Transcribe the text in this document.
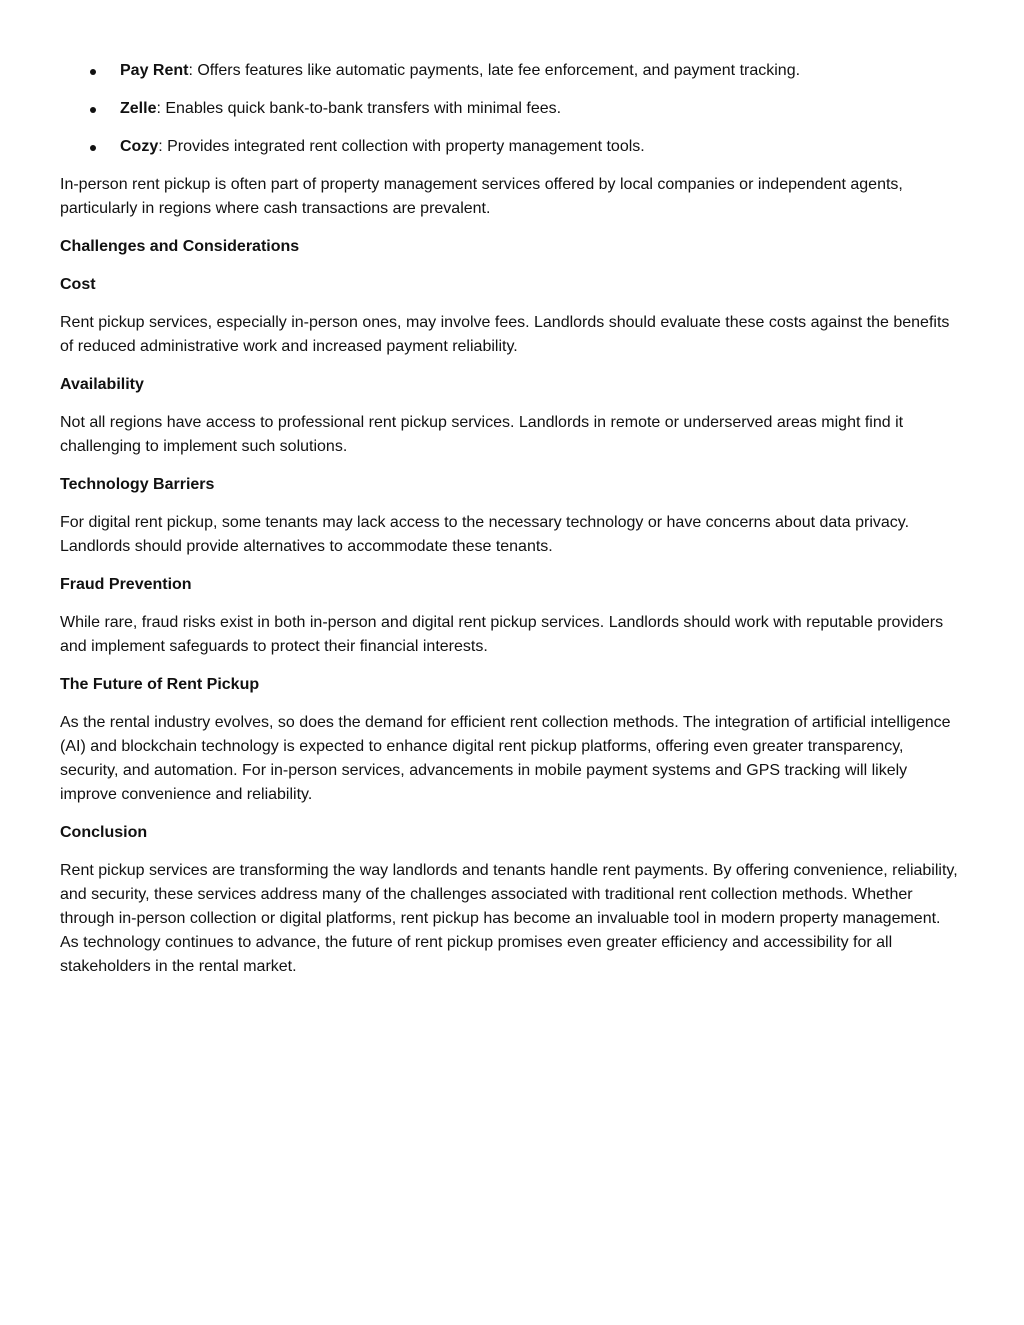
Pay Rent: Offers features like automatic payments, late fee enforcement, and payment tracking.
Zelle: Enables quick bank-to-bank transfers with minimal fees.
Cozy: Provides integrated rent collection with property management tools.

In-person rent pickup is often part of property management services offered by local companies or independent agents, particularly in regions where cash transactions are prevalent.

Challenges and Considerations
Cost

Rent pickup services, especially in-person ones, may involve fees. Landlords should evaluate these costs against the benefits of reduced administrative work and increased payment reliability.

Availability

Not all regions have access to professional rent pickup services. Landlords in remote or underserved areas might find it challenging to implement such solutions.

Technology Barriers

For digital rent pickup, some tenants may lack access to the necessary technology or have concerns about data privacy. Landlords should provide alternatives to accommodate these tenants.

Fraud Prevention

While rare, fraud risks exist in both in-person and digital rent pickup services. Landlords should work with reputable providers and implement safeguards to protect their financial interests.

The Future of Rent Pickup

As the rental industry evolves, so does the demand for efficient rent collection methods. The integration of artificial intelligence (AI) and blockchain technology is expected to enhance digital rent pickup platforms, offering even greater transparency, security, and automation. For in-person services, advancements in mobile payment systems and GPS tracking will likely improve convenience and reliability.

Conclusion

Rent pickup services are transforming the way landlords and tenants handle rent payments. By offering convenience, reliability, and security, these services address many of the challenges associated with traditional rent collection methods. Whether through in-person collection or digital platforms, rent pickup has become an invaluable tool in modern property management. As technology continues to advance, the future of rent pickup promises even greater efficiency and accessibility for all stakeholders in the rental market.
